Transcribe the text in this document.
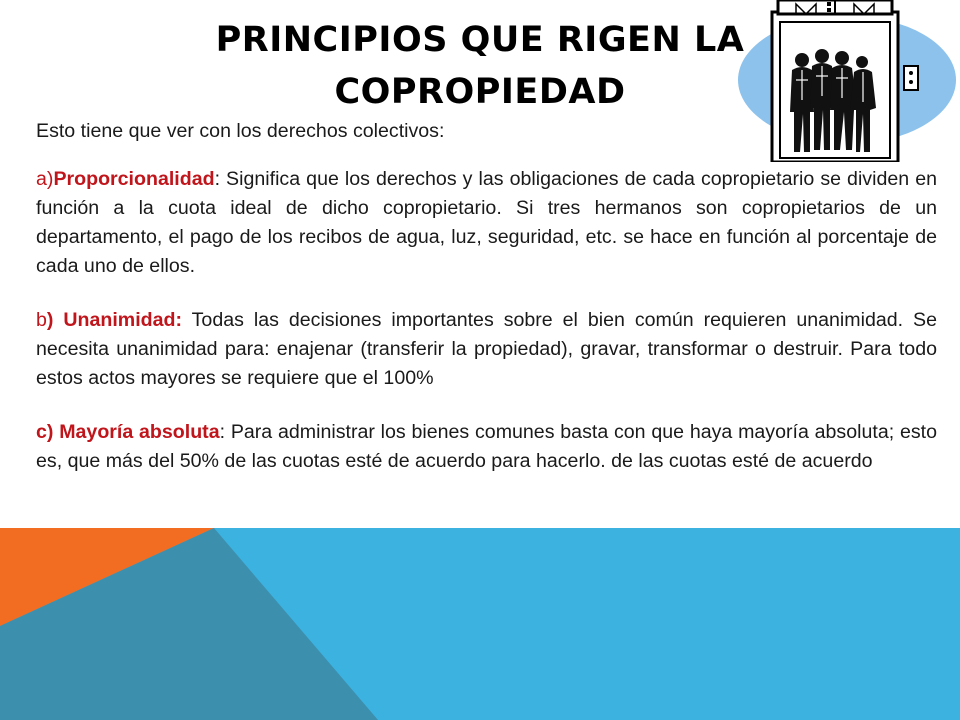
PRINCIPIOS QUE RIGEN LA
COPROPIEDAD

Esto tiene que ver con los derechos colectivos:

a)Proporcionalidad: Significa que los derechos y las obligaciones de cada copropietario se dividen en función a la cuota ideal de dicho copropietario. Si tres hermanos son copropietarios de un departamento, el pago de los recibos de agua, luz, seguridad, etc. se hace en función al porcentaje de cada uno de ellos.

b) Unanimidad: Todas las decisiones importantes sobre el bien común requieren unanimidad. Se necesita unanimidad para: enajenar (transferir la propiedad), gravar, transformar o destruir. Para todo estos actos mayores se requiere que el 100%

c) Mayoría absoluta: Para administrar los bienes comunes basta con que haya mayoría absoluta; esto es, que más del 50% de las cuotas esté de acuerdo para hacerlo. de las cuotas esté de acuerdo
